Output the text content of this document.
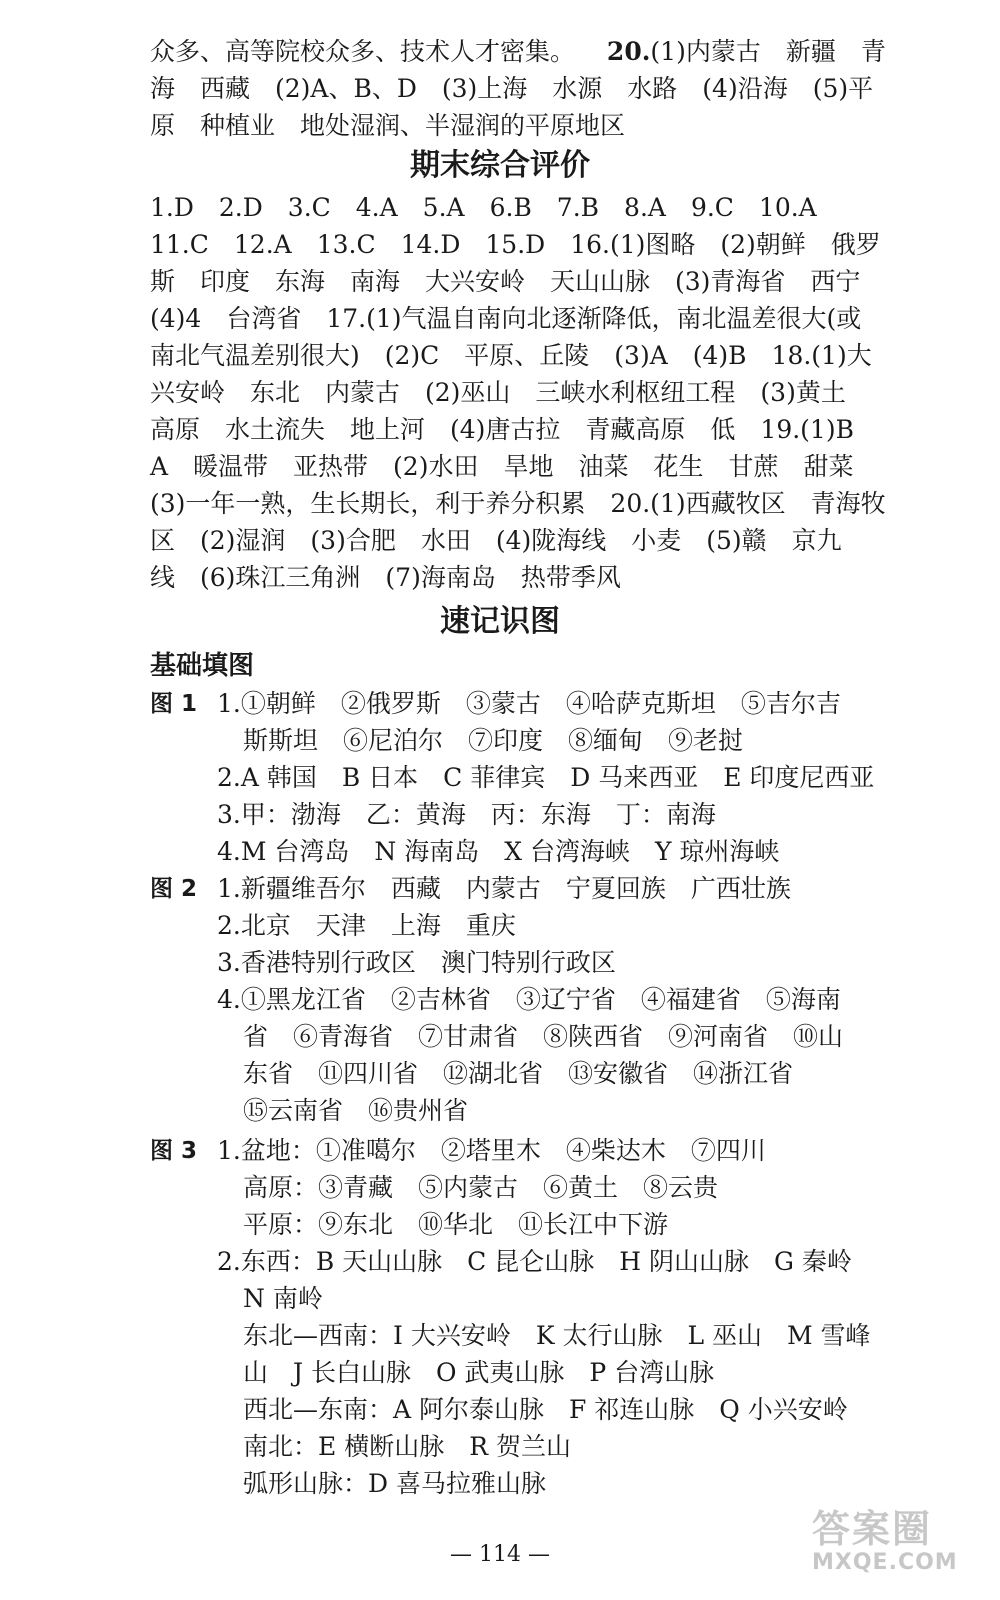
众多、高等院校众多、技术人才密集。 20.(1)内蒙古　新疆　青
海　西藏　(2)A、B、D　(3)上海　水源　水路　(4)沿海　(5)平
原　种植业　地处湿润、半湿润的平原地区
期末综合评价
1.D　2.D　3.C　4.A　5.A　6.B　7.B　8.A　9.C　10.A
11.C　12.A　13.C　14.D　15.D　16.(1)图略　(2)朝鲜　俄罗
斯　印度　东海　南海　大兴安岭　天山山脉　(3)青海省　西宁
(4)4　台湾省　17.(1)气温自南向北逐渐降低，南北温差很大(或
南北气温差别很大)　(2)C　平原、丘陵　(3)A　(4)B　18.(1)大
兴安岭　东北　内蒙古　(2)巫山　三峡水利枢纽工程　(3)黄土
高原　水土流失　地上河　(4)唐古拉　青藏高原　低　19.(1)B
A　暖温带　亚热带　(2)水田　旱地　油菜　花生　甘蔗　甜菜
(3)一年一熟，生长期长，利于养分积累　20.(1)西藏牧区　青海牧
区　(2)湿润　(3)合肥　水田　(4)陇海线　小麦　(5)赣　京九
线　(6)珠江三角洲　(7)海南岛　热带季风
速记识图
基础填图
图 1 1.①朝鲜　②俄罗斯　③蒙古　④哈萨克斯坦　⑤吉尔吉
斯斯坦　⑥尼泊尔　⑦印度　⑧缅甸　⑨老挝
2.A 韩国　B 日本　C 菲律宾　D 马来西亚　E 印度尼西亚
3.甲：渤海　乙：黄海　丙：东海　丁：南海
4.M 台湾岛　N 海南岛　X 台湾海峡　Y 琼州海峡
图 2 1.新疆维吾尔　西藏　内蒙古　宁夏回族　广西壮族
2.北京　天津　上海　重庆
3.香港特别行政区　澳门特别行政区
4.①黑龙江省　②吉林省　③辽宁省　④福建省　⑤海南
省　⑥青海省　⑦甘肃省　⑧陕西省　⑨河南省　⑩山
东省　⑪四川省　⑫湖北省　⑬安徽省　⑭浙江省
⑮云南省　⑯贵州省
图 3 1.盆地：①准噶尔　②塔里木　④柴达木　⑦四川
高原：③青藏　⑤内蒙古　⑥黄土　⑧云贵
平原：⑨东北　⑩华北　⑪长江中下游
2.东西：B 天山山脉　C 昆仑山脉　H 阴山山脉　G 秦岭
N 南岭
东北—西南：I 大兴安岭　K 太行山脉　L 巫山　M 雪峰
山　J 长白山脉　O 武夷山脉　P 台湾山脉
西北—东南：A 阿尔泰山脉　F 祁连山脉　Q 小兴安岭
南北：E 横断山脉　R 贺兰山
弧形山脉：D 喜马拉雅山脉
— 114 —
答案圈
MXQE.COM
